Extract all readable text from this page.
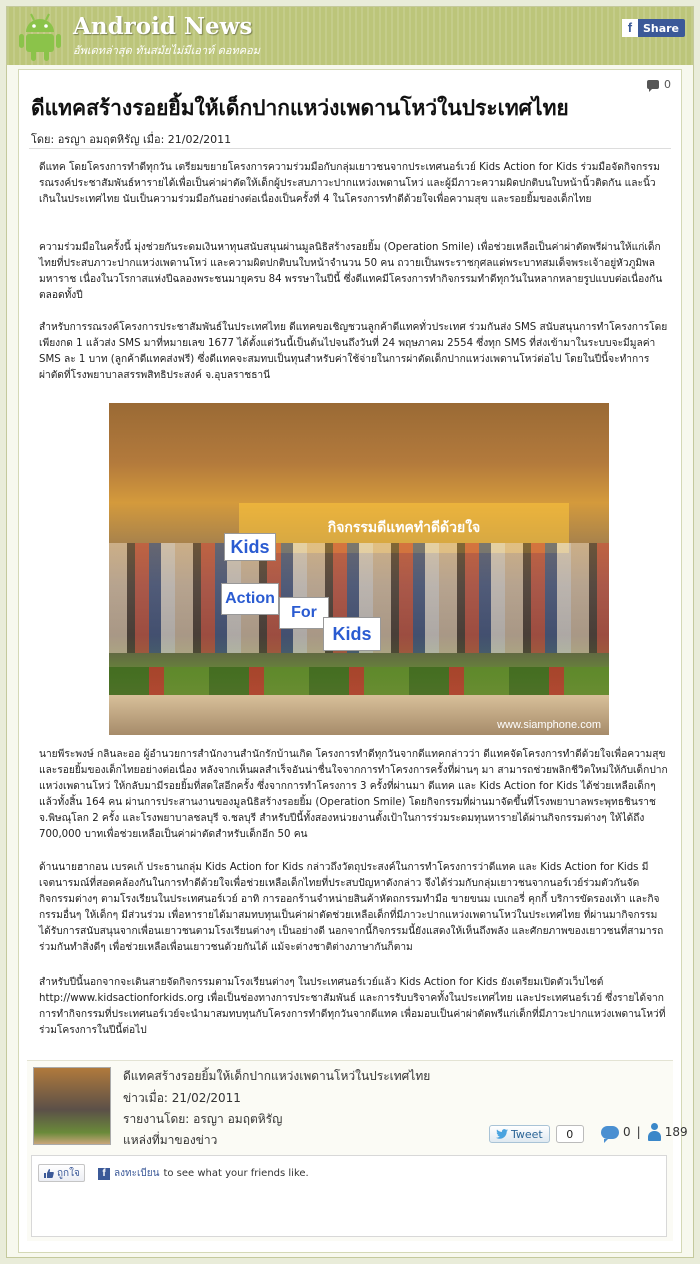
Android News
อัพเดทล่าสุด ทันสมัยไม่มีเอาท์ ดอทคอม
f Share
0
ดีแทคสร้างรอยยิ้มให้เด็กปากแหว่งเพดานโหว่ในประเทศไทย
โดย: อรญา อมฤตหิรัญ เมื่อ: 21/02/2011

ดีแทค โดยโครงการทำดีทุกวัน เตรียมขยายโครงการความร่วมมือกับกลุ่มเยาวชนจากประเทศนอร์เวย์ Kids Action for Kids ร่วมมือจัดกิจกรรมรณรงค์ประชาสัมพันธ์หารายได้เพื่อเป็นค่าผ่าตัดให้เด็กผู้ประสบภาวะปากแหว่งเพดานโหว่ และผู้มีภาวะความผิดปกติบนใบหน้านิ้วติดกัน และนิ้วเกินในประเทศไทย นับเป็นความร่วมมือกันอย่างต่อเนื่องเป็นครั้งที่ 4 ในโครงการทำดีด้วยใจเพื่อความสุข และรอยยิ้มของเด็กไทย

ความร่วมมือในครั้งนี้ มุ่งช่วยกันระดมเงินหาทุนสนับสนุนผ่านมูลนิธิสร้างรอยยิ้ม (Operation Smile) เพื่อช่วยเหลือเป็นค่าผ่าตัดพรีผ่านให้แก่เด็กไทยที่ประสบภาวะปากแหว่งเพดานโหว่ และความผิดปกติบนใบหน้าจำนวน 50 คน ถวายเป็นพระราชกุศลแด่พระบาทสมเด็จพระเจ้าอยู่หัวภูมิพลมหาราช เนื่องในวโรกาสแห่งปีฉลองพระชนมายุครบ 84 พรรษาในปีนี้ ซึ่งดีแทคมีโครงการทำกิจกรรมทำดีทุกวันในหลากหลายรูปแบบต่อเนื่องกันตลอดทั้งปี

สำหรับการรณรงค์โครงการประชาสัมพันธ์ในประเทศไทย ดีแทคขอเชิญชวนลูกค้าดีแทคทั่วประเทศ ร่วมกันส่ง SMS สนับสนุนการทำโครงการโดยเพียงกด 1 แล้วส่ง SMS มาที่หมายเลข 1677 ได้ตั้งแต่วันนี้เป็นต้นไปจนถึงวันที่ 24 พฤษภาคม 2554 ซึ่งทุก SMS ที่ส่งเข้ามาในระบบจะมีมูลค่า SMS ละ 1 บาท (ลูกค้าดีแทคส่งฟรี) ซึ่งดีแทคจะสมทบเป็นทุนสำหรับค่าใช้จ่ายในการผ่าตัดเด็กปากแหว่งเพดานโหว่ต่อไป โดยในปีนี้จะทำการผ่าตัดที่โรงพยาบาลสรรพสิทธิประสงค์ จ.อุบลราชธานี

กิจกรรมดีแทคทำดีด้วยใจ
Kids
Action
For
Kids
www.siamphone.com

นายพีระพงษ์ กลินละออ ผู้อำนวยการสำนักงานสำนักรักบ้านเกิด โครงการทำดีทุกวันจากดีแทคกล่าวว่า ดีแทคจัดโครงการทำดีด้วยใจเพื่อความสุข และรอยยิ้มของเด็กไทยอย่างต่อเนื่อง หลังจากเห็นผลสำเร็จอันน่าชื่นใจจากการทำโครงการครั้งที่ผ่านๆ มา สามารถช่วยพลิกชีวิตใหม่ให้กับเด็กปากแหว่งเพดานโหว่ ให้กลับมามีรอยยิ้มที่สดใสอีกครั้ง ซึ่งจากการทำโครงการ 3 ครั้งที่ผ่านมา ดีแทค และ Kids Action for Kids ได้ช่วยเหลือเด็กๆ แล้วทั้งสิ้น 164 คน ผ่านการประสานงานของมูลนิธิสร้างรอยยิ้ม (Operation Smile) โดยกิจกรรมที่ผ่านมาจัดขึ้นที่โรงพยาบาลพระพุทธชินราช จ.พิษณุโลก 2 ครั้ง และโรงพยาบาลชลบุรี จ.ชลบุรี สำหรับปีนี้ทั้งสองหน่วยงานตั้งเป้าในการร่วมระดมทุนหารายได้ผ่านกิจกรรมต่างๆ ให้ได้ถึง 700,000 บาทเพื่อช่วยเหลือเป็นค่าผ่าตัดสำหรับเด็กอีก 50 คน

ด้านนายฮากอน เบรคเก้ ประธานกลุ่ม Kids Action for Kids กล่าวถึงวัตถุประสงค์ในการทำโครงการว่าดีแทค และ Kids Action for Kids มีเจตนารมณ์ที่สอดคล้องกันในการทำดีด้วยใจเพื่อช่วยเหลือเด็กไทยที่ประสบปัญหาดังกล่าว จึงได้ร่วมกับกลุ่มเยาวชนจากนอร์เวย์ร่วมตัวกันจัดกิจกรรมต่างๆ ตามโรงเรียนในประเทศนอร์เวย์ อาทิ การออกร้านจำหน่ายสินค้าหัตถกรรมทำมือ ขายขนม เบเกอรี่ คุกกี้ บริการขัดรองเท้า และกิจกรรมอื่นๆ ให้เด็กๆ มีส่วนร่วม เพื่อหารายได้มาสมทบทุนเป็นค่าผ่าตัดช่วยเหลือเด็กที่มีภาวะปากแหว่งเพดานโหว่ในประเทศไทย ที่ผ่านมากิจกรรมได้รับการสนับสนุนจากเพื่อนเยาวชนตามโรงเรียนต่างๆ เป็นอย่างดี นอกจากนี้กิจกรรมนี้ยังแสดงให้เห็นถึงพลัง และศักยภาพของเยาวชนที่สามารถร่วมกันทำสิ่งดีๆ เพื่อช่วยเหลือเพื่อนเยาวชนด้วยกันได้ แม้จะต่างชาติต่างภาษากันก็ตาม

สำหรับปีนี้นอกจากจะเดินสายจัดกิจกรรมตามโรงเรียนต่างๆ ในประเทศนอร์เวย์แล้ว Kids Action for Kids ยังเตรียมเปิดตัวเว็บไซต์ http://www.kidsactionforkids.org เพื่อเป็นช่องทางการประชาสัมพันธ์ และการรับบริจาคทั้งในประเทศไทย และประเทศนอร์เวย์ ซึ่งรายได้จากการทำกิจกรรมที่ประเทศนอร์เวย์จะนำมาสมทบทุนกับโครงการทำดีทุกวันจากดีแทค เพื่อมอบเป็นค่าผ่าตัดพรีแก่เด็กที่มีภาวะปากแหว่งเพดานโหว่ที่ร่วมโครงการในปีนี้ต่อไป

ดีแทคสร้างรอยยิ้มให้เด็กปากแหว่งเพดานโหว่ในประเทศไทย
ข่าวเมื่อ: 21/02/2011
รายงานโดย: อรญา อมฤตหิรัญ
แหล่งที่มาของข่าว	Tweet	0	0 | 189
ถูกใจ	f ลงทะเบียน to see what your friends like.
